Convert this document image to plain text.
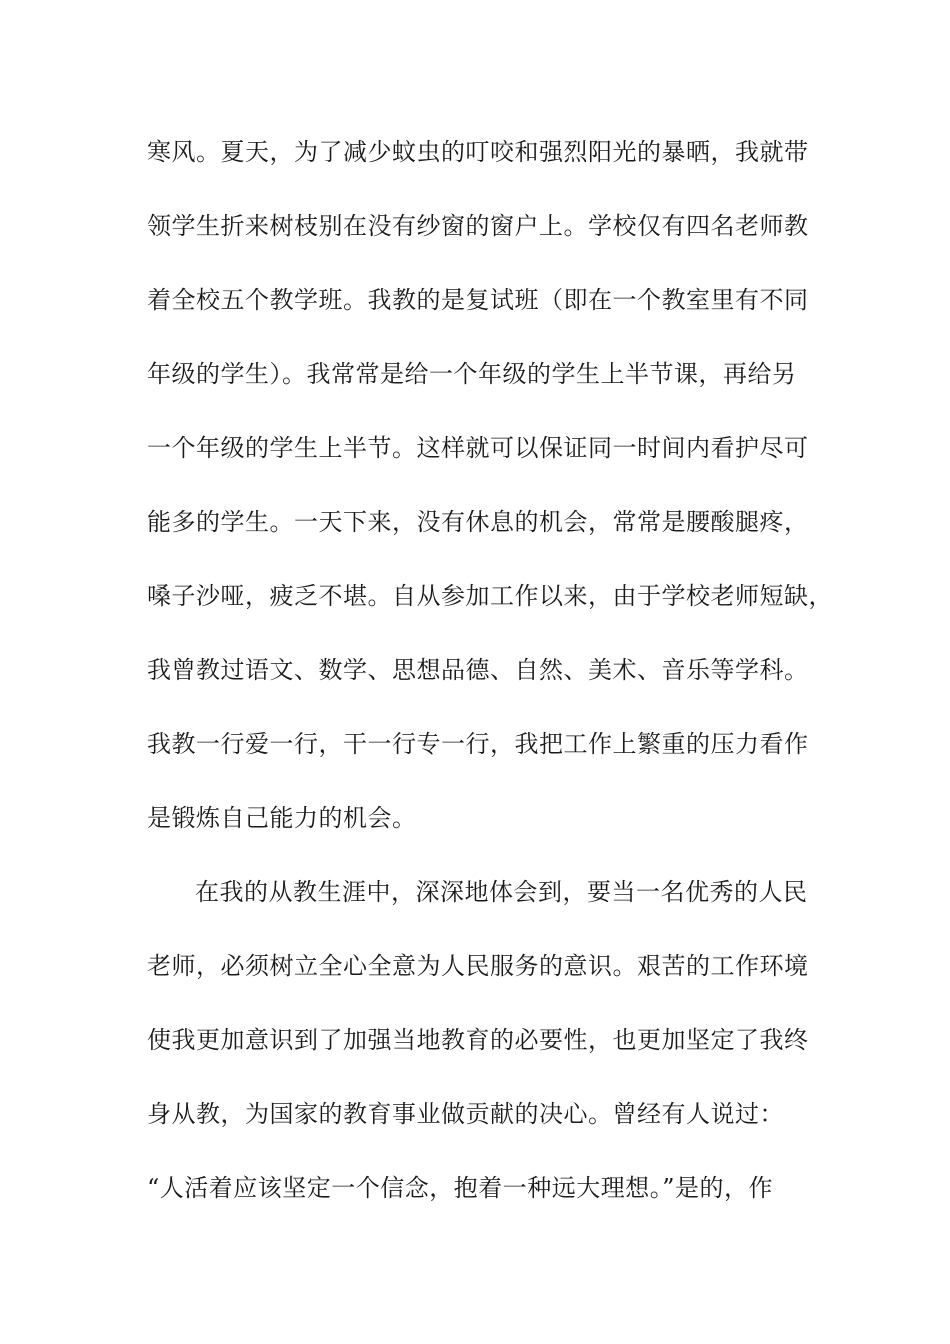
寒风。夏天，为了减少蚊虫的叮咬和强烈阳光的暴晒，我就带
领学生折来树枝别在没有纱窗的窗户上。学校仅有四名老师教
着全校五个教学班。我教的是复试班（即在一个教室里有不同
年级的学生）。我常常是给一个年级的学生上半节课，再给另
一个年级的学生上半节。这样就可以保证同一时间内看护尽可
能多的学生。一天下来，没有休息的机会，常常是腰酸腿疼，
嗓子沙哑，疲乏不堪。自从参加工作以来，由于学校老师短缺，
我曾教过语文、数学、思想品德、自然、美术、音乐等学科。
我教一行爱一行，干一行专一行，我把工作上繁重的压力看作
是锻炼自己能力的机会。
在我的从教生涯中，深深地体会到，要当一名优秀的人民
老师，必须树立全心全意为人民服务的意识。艰苦的工作环境
使我更加意识到了加强当地教育的必要性，也更加坚定了我终
身从教，为国家的教育事业做贡献的决心。曾经有人说过：
“人活着应该坚定一个信念，抱着一种远大理想。”是的，作
